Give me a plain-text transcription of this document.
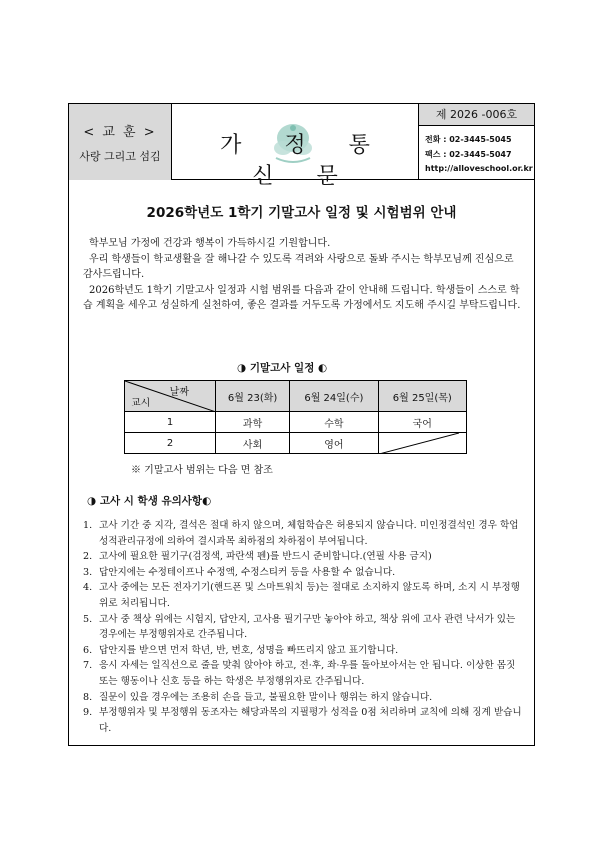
< 교 훈 >
사랑 그리고 섬김	가 정 통 신 문
제 2026 -006호
전화 : 02-3445-5045
팩스 : 02-3445-5047
http://alloveschool.or.kr
2026학년도 1학기 기말고사 일정 및 시험범위 안내

학부모님 가정에 건강과 행복이 가득하시길 기원합니다.

우리 학생들이 학교생활을 잘 해나갈 수 있도록 격려와 사랑으로 돌봐 주시는 학부모님께 진심으로 감사드립니다.

2026학년도 1학기 기말고사 일정과 시험 범위를 다음과 같이 안내해 드립니다. 학생들이 스스로 학습 계획을 세우고 성실하게 실천하여, 좋은 결과를 거두도록 가정에서도 지도해 주시길 부탁드립니다.

◑ 기말고사 일정 ◐
날짜
교시	6월 23(화)	6월 24일(수)	6월 25일(목)
1	과학	수학	국어
2	사회	영어	
※ 기말고사 범위는 다음 면 참조
◑ 고사 시 학생 유의사항◐
1. 고사 기간 중 지각, 결석은 절대 하지 않으며, 체험학습은 허용되지 않습니다. 미인정결석인 경우 학업성적관리규정에 의하여 결시과목 최하점의 차하점이 부여됩니다.
2. 고사에 필요한 필기구(검정색, 파란색 펜)를 반드시 준비합니다.(연필 사용 금지)
3. 답안지에는 수정테이프나 수정액, 수정스티커 등을 사용할 수 없습니다.
4. 고사 중에는 모든 전자기기(핸드폰 및 스마트워치 등)는 절대로 소지하지 않도록 하며, 소지 시 부정행위로 처리됩니다.
5. 고사 중 책상 위에는 시험지, 답안지, 고사용 필기구만 놓아야 하고, 책상 위에 고사 관련 낙서가 있는 경우에는 부정행위자로 간주됩니다.
6. 답안지를 받으면 먼저 학년, 반, 번호, 성명을 빠뜨리지 않고 표기합니다.
7. 응시 자세는 일직선으로 줄을 맞춰 앉아야 하고, 전·후, 좌·우를 돌아보아서는 안 됩니다. 이상한 몸짓 또는 행동이나 신호 등을 하는 학생은 부정행위자로 간주됩니다.
8. 질문이 있을 경우에는 조용히 손을 들고, 불필요한 말이나 행위는 하지 않습니다.
9. 부정행위자 및 부정행위 동조자는 해당과목의 지필평가 성적을 0점 처리하며 교칙에 의해 징계 받습니다.
